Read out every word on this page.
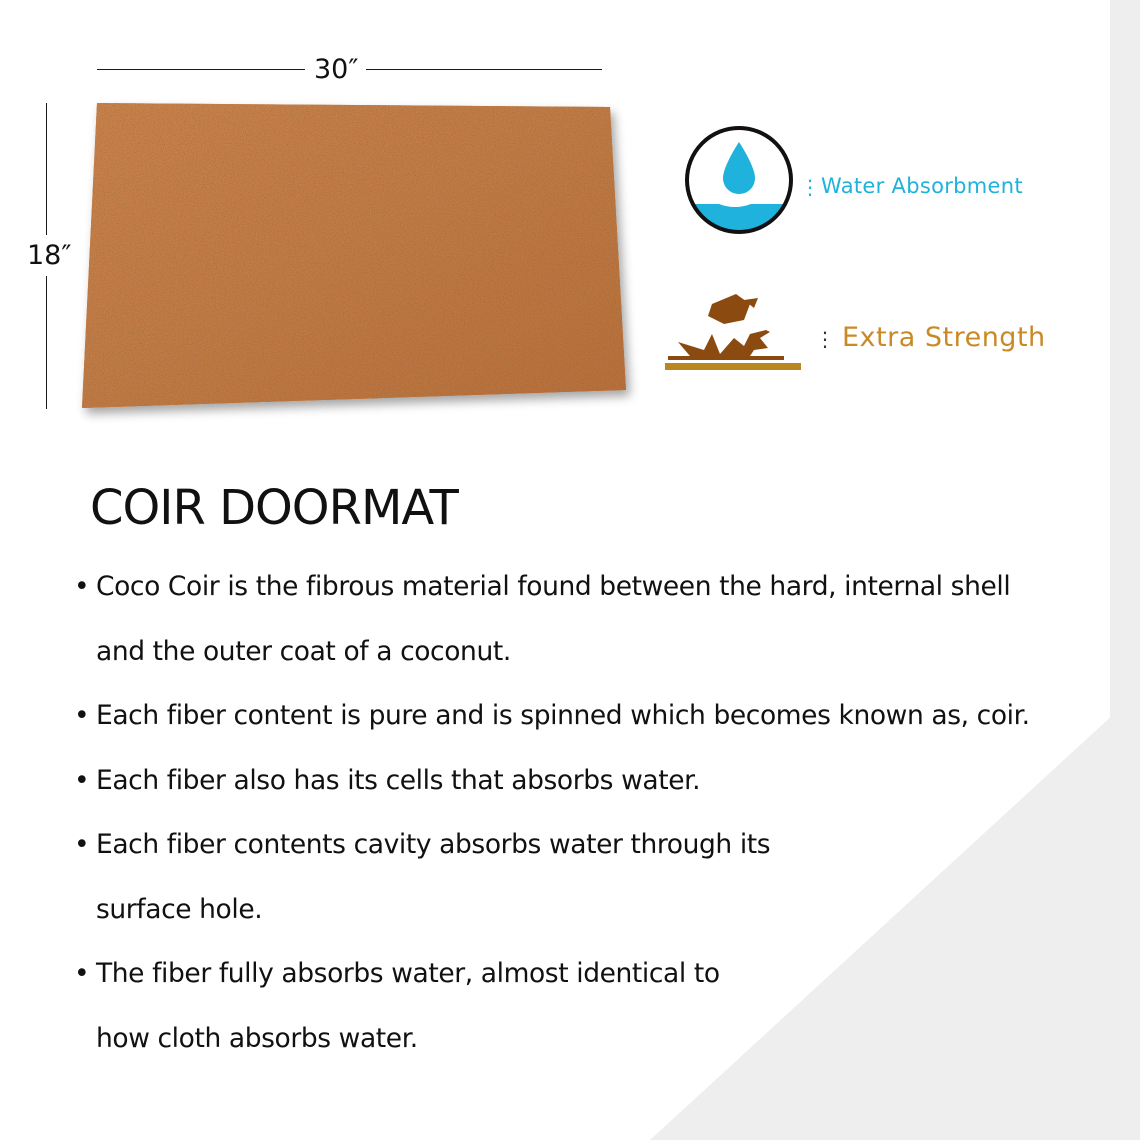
30″
18″
⋮ Water Absorbment
⋮ Extra Strength
COIR DOORMAT
• Coco Coir is the fibrous material found between the hard, internal shell
and the outer coat of a coconut.
• Each fiber content is pure and is spinned which becomes known as, coir.
• Each fiber also has its cells that absorbs water.
• Each fiber contents cavity absorbs water through its
surface hole.
• The fiber fully absorbs water, almost identical to
how cloth absorbs water.
